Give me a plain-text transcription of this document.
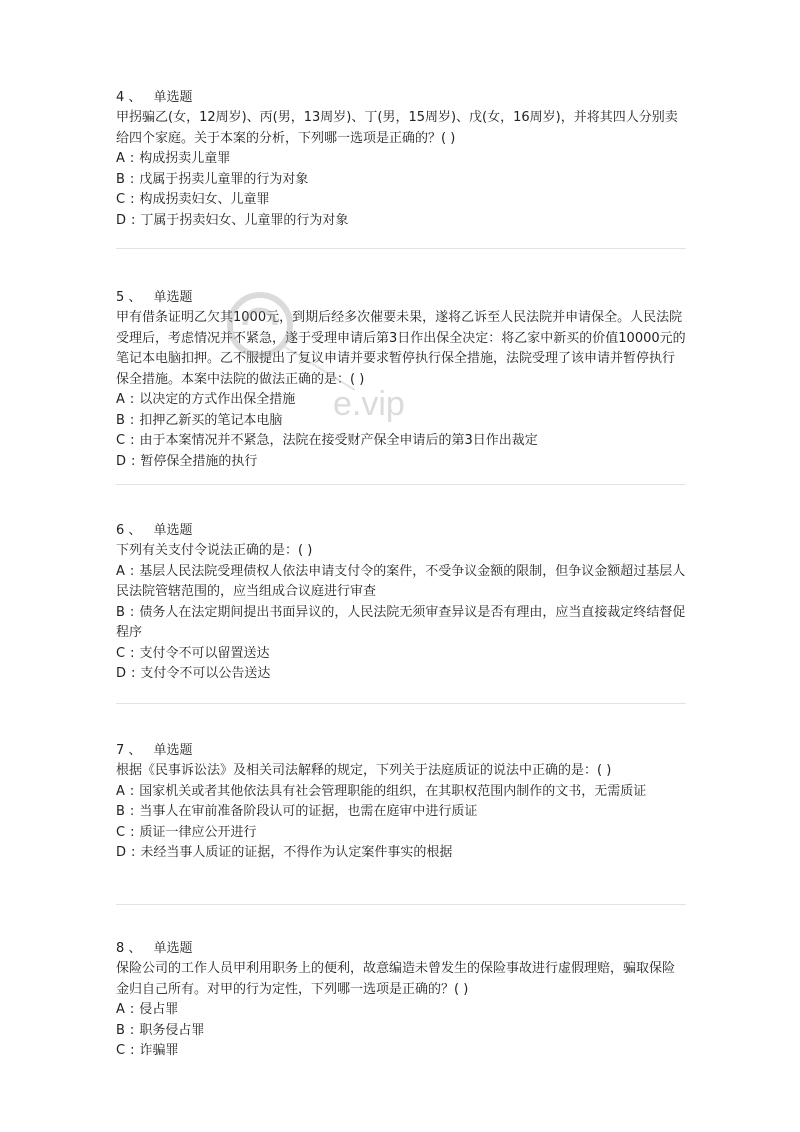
4 、 单选题

甲拐骗乙(女，12周岁)、丙(男，13周岁)、丁(男，15周岁)、戊(女，16周岁)，并将其四人分别卖给四个家庭。关于本案的分析，下列哪一选项是正确的？( )

A : 构成拐卖儿童罪

B : 戊属于拐卖儿童罪的行为对象

C : 构成拐卖妇女、儿童罪

D : 丁属于拐卖妇女、儿童罪的行为对象

5 、 单选题

甲有借条证明乙欠其1000元，到期后经多次催要未果，遂将乙诉至人民法院并申请保全。人民法院受理后，考虑情况并不紧急，遂于受理申请后第3日作出保全决定：将乙家中新买的价值10000元的笔记本电脑扣押。乙不服提出了复议申请并要求暂停执行保全措施，法院受理了该申请并暂停执行保全措施。本案中法院的做法正确的是：( )

A : 以决定的方式作出保全措施

B : 扣押乙新买的笔记本电脑

C : 由于本案情况并不紧急，法院在接受财产保全申请后的第3日作出裁定

D : 暂停保全措施的执行

6 、 单选题

下列有关支付令说法正确的是：( )

A : 基层人民法院受理债权人依法申请支付令的案件，不受争议金额的限制，但争议金额超过基层人民法院管辖范围的，应当组成合议庭进行审查

B : 债务人在法定期间提出书面异议的，人民法院无须审查异议是否有理由，应当直接裁定终结督促程序

C : 支付令不可以留置送达

D : 支付令不可以公告送达

7 、 单选题

根据《民事诉讼法》及相关司法解释的规定，下列关于法庭质证的说法中正确的是：( )

A : 国家机关或者其他依法具有社会管理职能的组织，在其职权范围内制作的文书，无需质证

B : 当事人在审前准备阶段认可的证据，也需在庭审中进行质证

C : 质证一律应公开进行

D : 未经当事人质证的证据，不得作为认定案件事实的根据

8 、 单选题

保险公司的工作人员甲利用职务上的便利，故意编造未曾发生的保险事故进行虚假理赔，骗取保险金归自己所有。对甲的行为定性，下列哪一选项是正确的？( )

A : 侵占罪

B : 职务侵占罪

C : 诈骗罪

e.vip
